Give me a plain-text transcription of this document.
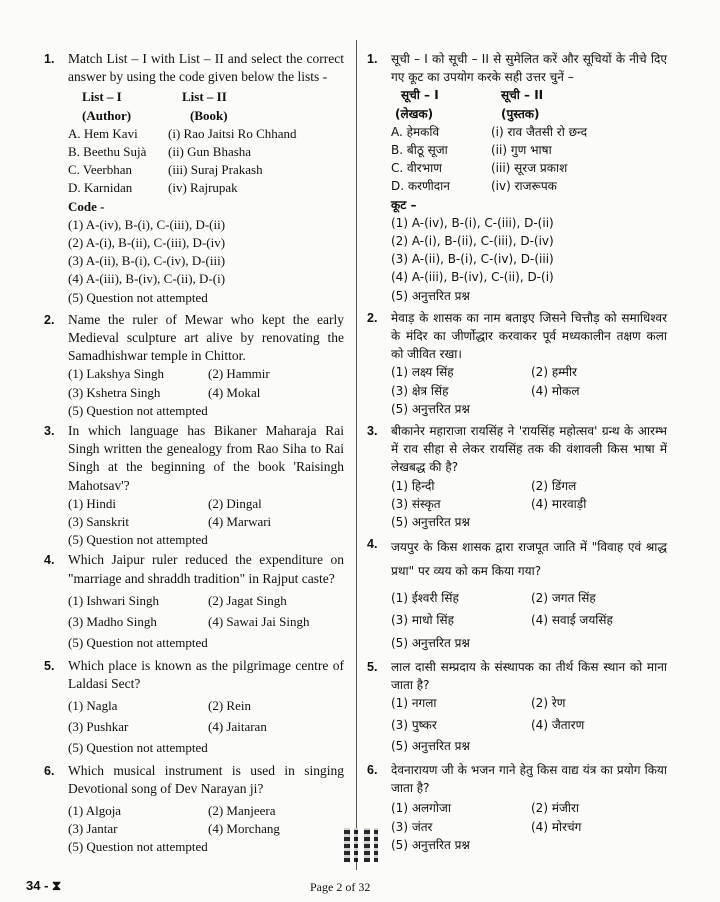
1. Match List – I with List – II and select the correct answer by using the code given below the lists -
List – I	List – II
(Author)	(Book)
A. Hem Kavi	(i) Rao Jaitsi Ro Chhand
B. Beethu Sujà	(ii) Gun Bhasha
C. Veerbhan	(iii) Suraj Prakash
D. Karnidan	(iv) Rajrupak
Code -
(1) A-(iv), B-(i), C-(iii), D-(ii)
(2) A-(i), B-(ii), C-(iii), D-(iv)
(3) A-(ii), B-(i), C-(iv), D-(iii)
(4) A-(iii), B-(iv), C-(ii), D-(i)
(5) Question not attempted
2. Name the ruler of Mewar who kept the early Medieval sculpture art alive by renovating the Samadhishwar temple in Chittor.
(1) Lakshya Singh	(2) Hammir
(3) Kshetra Singh	(4) Mokal
(5) Question not attempted
3. In which language has Bikaner Maharaja Rai Singh written the genealogy from Rao Siha to Rai Singh at the beginning of the book 'Raisingh Mahotsav'?
(1) Hindi	(2) Dingal
(3) Sanskrit	(4) Marwari
(5) Question not attempted
4. Which Jaipur ruler reduced the expenditure on "marriage and shraddh tradition" in Rajput caste?
(1) Ishwari Singh	(2) Jagat Singh
(3) Madho Singh	(4) Sawai Jai Singh
(5) Question not attempted
5. Which place is known as the pilgrimage centre of Laldasi Sect?
(1) Nagla	(2) Rein
(3) Pushkar	(4) Jaitaran
(5) Question not attempted
6. Which musical instrument is used in singing Devotional song of Dev Narayan ji?
(1) Algoja	(2) Manjeera
(3) Jantar	(4) Morchang
(5) Question not attempted
1. सूची – I को सूची – II से सुमेलित करें और सूचियों के नीचे दिए गए कूट का उपयोग करके सही उत्तर चुनें –
सूची – I	सूची – II
(लेखक)	(पुस्तक)
A. हेमकवि	(i) राव जैतसी रो छन्द
B. बीठू सूजा	(ii) गुण भाषा
C. वीरभाण	(iii) सूरज प्रकाश
D. करणीदान	(iv) राजरूपक
कूट –
(1) A-(iv), B-(i), C-(iii), D-(ii)
(2) A-(i), B-(ii), C-(iii), D-(iv)
(3) A-(ii), B-(i), C-(iv), D-(iii)
(4) A-(iii), B-(iv), C-(ii), D-(i)
(5) अनुत्तरित प्रश्न
2. मेवाड़ के शासक का नाम बताइए जिसने चित्तौड़ को समाधिश्वर के मंदिर का जीर्णोद्धार करवाकर पूर्व मध्यकालीन तक्षण कला को जीवित रखा।
(1) लक्ष्य सिंह	(2) हम्मीर
(3) क्षेत्र सिंह	(4) मोकल
(5) अनुत्तरित प्रश्न
3. बीकानेर महाराजा रायसिंह ने 'रायसिंह महोत्सव' ग्रन्थ के आरम्भ में राव सीहा से लेकर रायसिंह तक की वंशावली किस भाषा में लेखबद्ध की है?
(1) हिन्दी	(2) डिंगल
(3) संस्कृत	(4) मारवाड़ी
(5) अनुत्तरित प्रश्न
4. जयपुर के किस शासक द्वारा राजपूत जाति में "विवाह एवं श्राद्ध प्रथा" पर व्यय को कम किया गया?
(1) ईश्वरी सिंह	(2) जगत सिंह
(3) माधो सिंह	(4) सवाई जयसिंह
(5) अनुत्तरित प्रश्न
5. लाल दासी सम्प्रदाय के संस्थापक का तीर्थ किस स्थान को माना जाता है?
(1) नगला	(2) रेण
(3) पुष्कर	(4) जैतारण
(5) अनुत्तरित प्रश्न
6. देवनारायण जी के भजन गाने हेतु किस वाद्य यंत्र का प्रयोग किया जाता है?
(1) अलगोजा	(2) मंजीरा
(3) जंतर	(4) मोरचंग
(5) अनुत्तरित प्रश्न
34 - ⧗	Page 2 of 32
